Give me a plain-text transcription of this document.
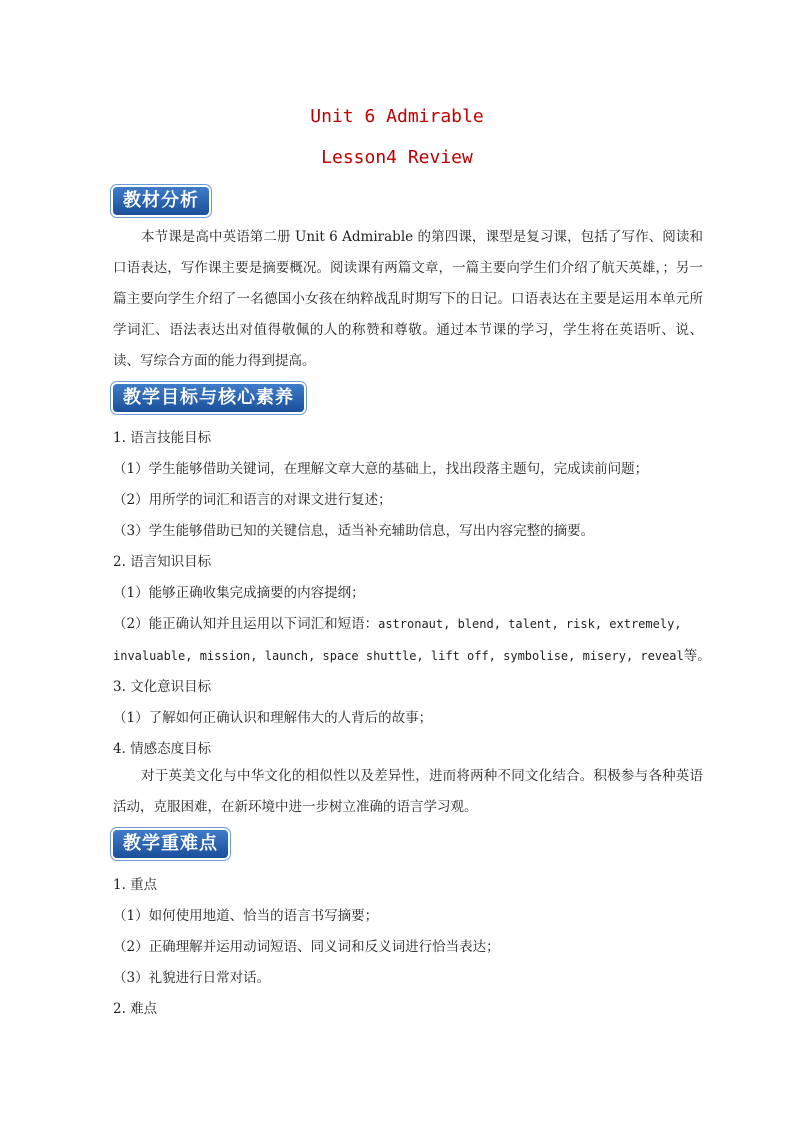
Unit 6 Admirable
Lesson4 Review
教材分析
本节课是高中英语第二册 Unit 6 Admirable 的第四课，课型是复习课，包括了写作、阅读和口语表达，写作课主要是摘要概况。阅读课有两篇文章，一篇主要向学生们介绍了航天英雄，；另一篇主要向学生介绍了一名德国小女孩在纳粹战乱时期写下的日记。口语表达在主要是运用本单元所学词汇、语法表达出对值得敬佩的人的称赞和尊敬。通过本节课的学习，学生将在英语听、说、读、写综合方面的能力得到提高。
教学目标与核心素养
1. 语言技能目标
（1）学生能够借助关键词，在理解文章大意的基础上，找出段落主题句，完成读前问题；
（2）用所学的词汇和语言的对课文进行复述；
（3）学生能够借助已知的关键信息，适当补充辅助信息，写出内容完整的摘要。
2. 语言知识目标
（1）能够正确收集完成摘要的内容提纲；
（2）能正确认知并且运用以下词汇和短语：astronaut, blend, talent, risk, extremely,
invaluable, mission, launch, space shuttle, lift off, symbolise, misery, reveal等。
3. 文化意识目标
（1）了解如何正确认识和理解伟大的人背后的故事；
4. 情感态度目标
对于英美文化与中华文化的相似性以及差异性，进而将两种不同文化结合。积极参与各种英语活动，克服困难，在新环境中进一步树立准确的语言学习观。
教学重难点
1. 重点
（1）如何使用地道、恰当的语言书写摘要；
（2）正确理解并运用动词短语、同义词和反义词进行恰当表达；
（3）礼貌进行日常对话。
2. 难点
